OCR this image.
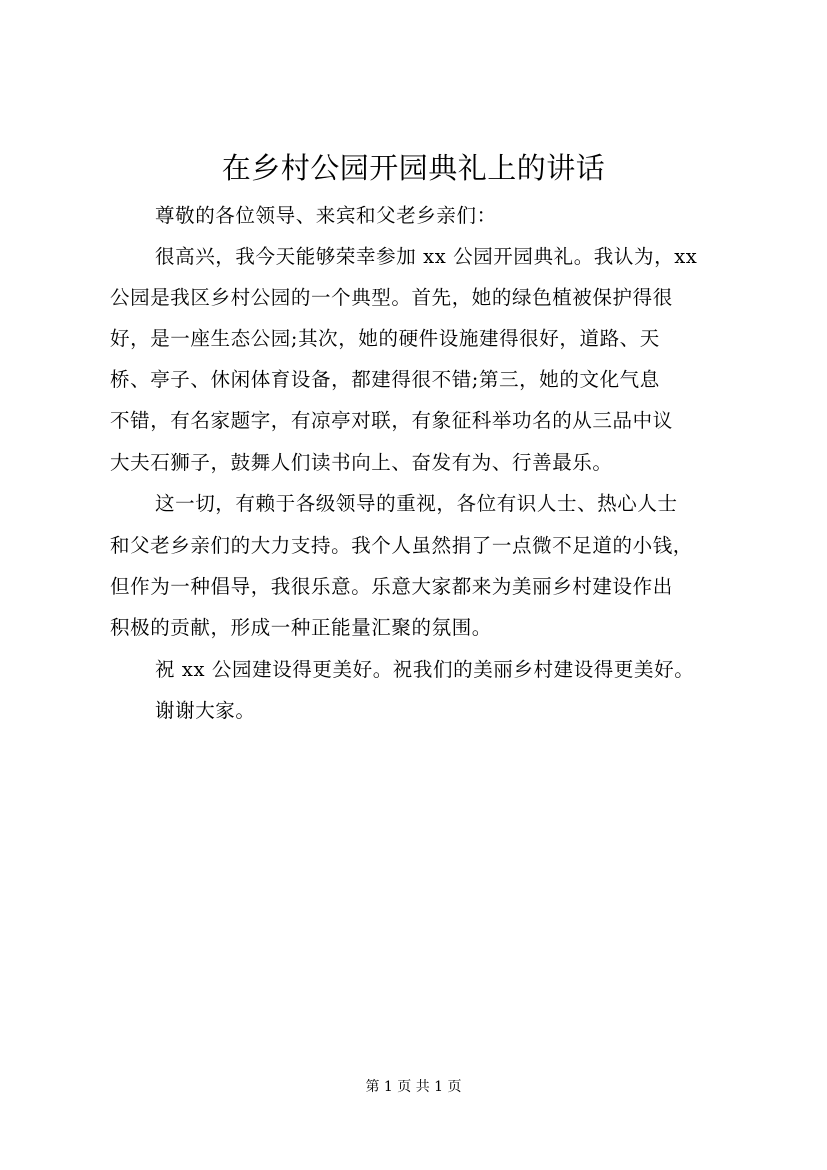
在乡村公园开园典礼上的讲话
尊敬的各位领导、来宾和父老乡亲们：
很高兴，我今天能够荣幸参加 xx 公园开园典礼。我认为，xx
公园是我区乡村公园的一个典型。首先，她的绿色植被保护得很
好，是一座生态公园;其次，她的硬件设施建得很好，道路、天
桥、亭子、休闲体育设备，都建得很不错;第三，她的文化气息
不错，有名家题字，有凉亭对联，有象征科举功名的从三品中议
大夫石狮子，鼓舞人们读书向上、奋发有为、行善最乐。
这一切，有赖于各级领导的重视，各位有识人士、热心人士
和父老乡亲们的大力支持。我个人虽然捐了一点微不足道的小钱，
但作为一种倡导，我很乐意。乐意大家都来为美丽乡村建设作出
积极的贡献，形成一种正能量汇聚的氛围。
祝 xx 公园建设得更美好。祝我们的美丽乡村建设得更美好。
谢谢大家。
第 1 页 共 1 页
